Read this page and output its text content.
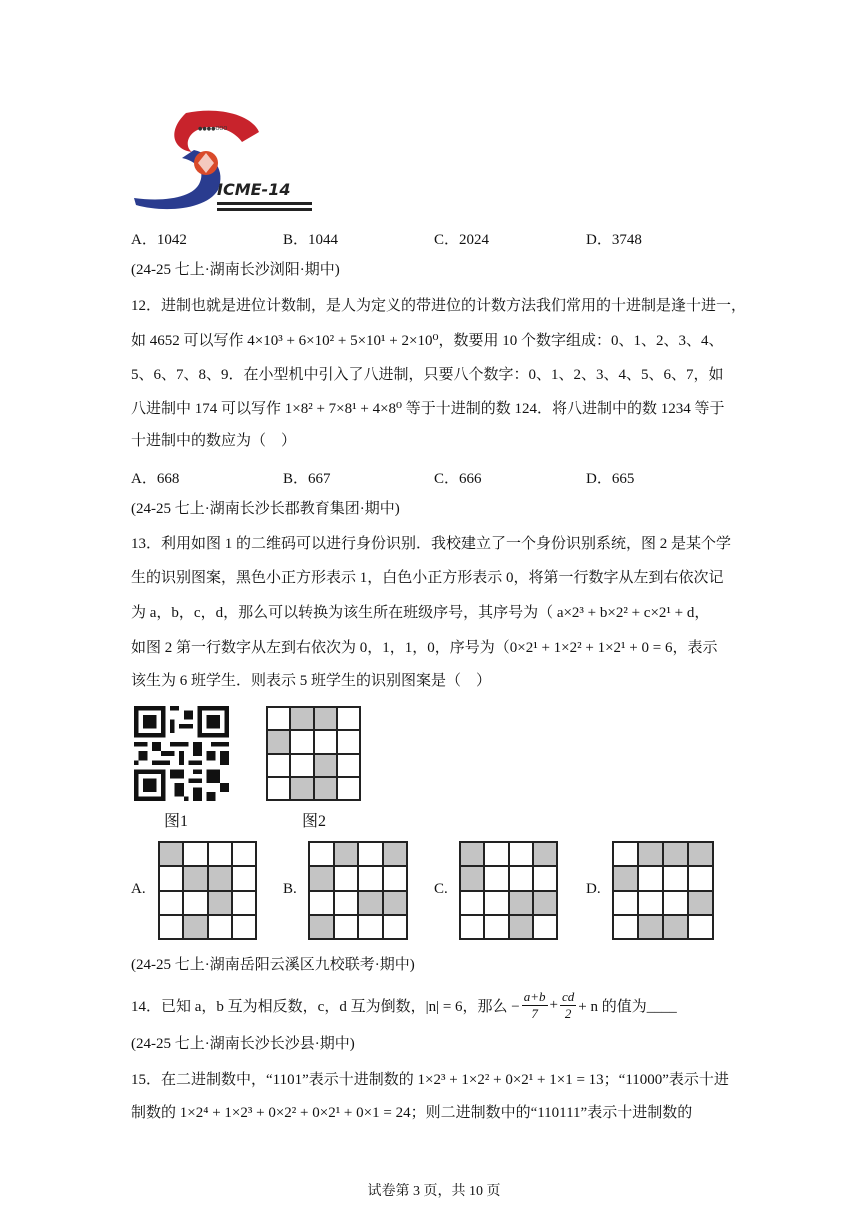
●●●●OOO
ICME-14
A．1042	B．1044	C．2024	D．3748
(24-25 七上·湖南长沙浏阳·期中)
12．进制也就是进位计数制，是人为定义的带进位的计数方法我们常用的十进制是逢十进一，
如 4652 可以写作 4×10³ + 6×10² + 5×10¹ + 2×10⁰，数要用 10 个数字组成：0、1、2、3、4、
5、6、7、8、9．在小型机中引入了八进制，只要八个数字：0、1、2、3、4、5、6、7，如
八进制中 174 可以写作 1×8² + 7×8¹ + 4×8⁰ 等于十进制的数 124．将八进制中的数 1234 等于
十进制中的数应为（　）
A．668	B．667	C．666	D．665
(24-25 七上·湖南长沙长郡教育集团·期中)
13．利用如图 1 的二维码可以进行身份识别．我校建立了一个身份识别系统，图 2 是某个学
生的识别图案，黑色小正方形表示 1，白色小正方形表示 0，将第一行数字从左到右依次记
为 a，b，c，d，那么可以转换为该生所在班级序号，其序号为（ a×2³ + b×2² + c×2¹ + d，
如图 2 第一行数字从左到右依次为 0，1，1，0，序号为（0×2¹ + 1×2² + 1×2¹ + 0 = 6，表示
该生为 6 班学生．则表示 5 班学生的识别图案是（　）
图1	图2
A.	B.	C.	D.
(24-25 七上·湖南岳阳云溪区九校联考·期中)
14．已知 a，b 互为相反数，c，d 互为倒数，|n| = 6，那么 − $\frac{a+b}{7} + \frac{cd}{2} + n$ 的值为____
(24-25 七上·湖南长沙长沙县·期中)
15．在二进制数中，“1101”表示十进制数的 1×2³ + 1×2² + 0×2¹ + 1×1 = 13；“11000”表示十进
制数的 1×2⁴ + 1×2³ + 0×2² + 0×2¹ + 0×1 = 24；则二进制数中的“110111”表示十进制数的
试卷第 3 页，共 10 页
